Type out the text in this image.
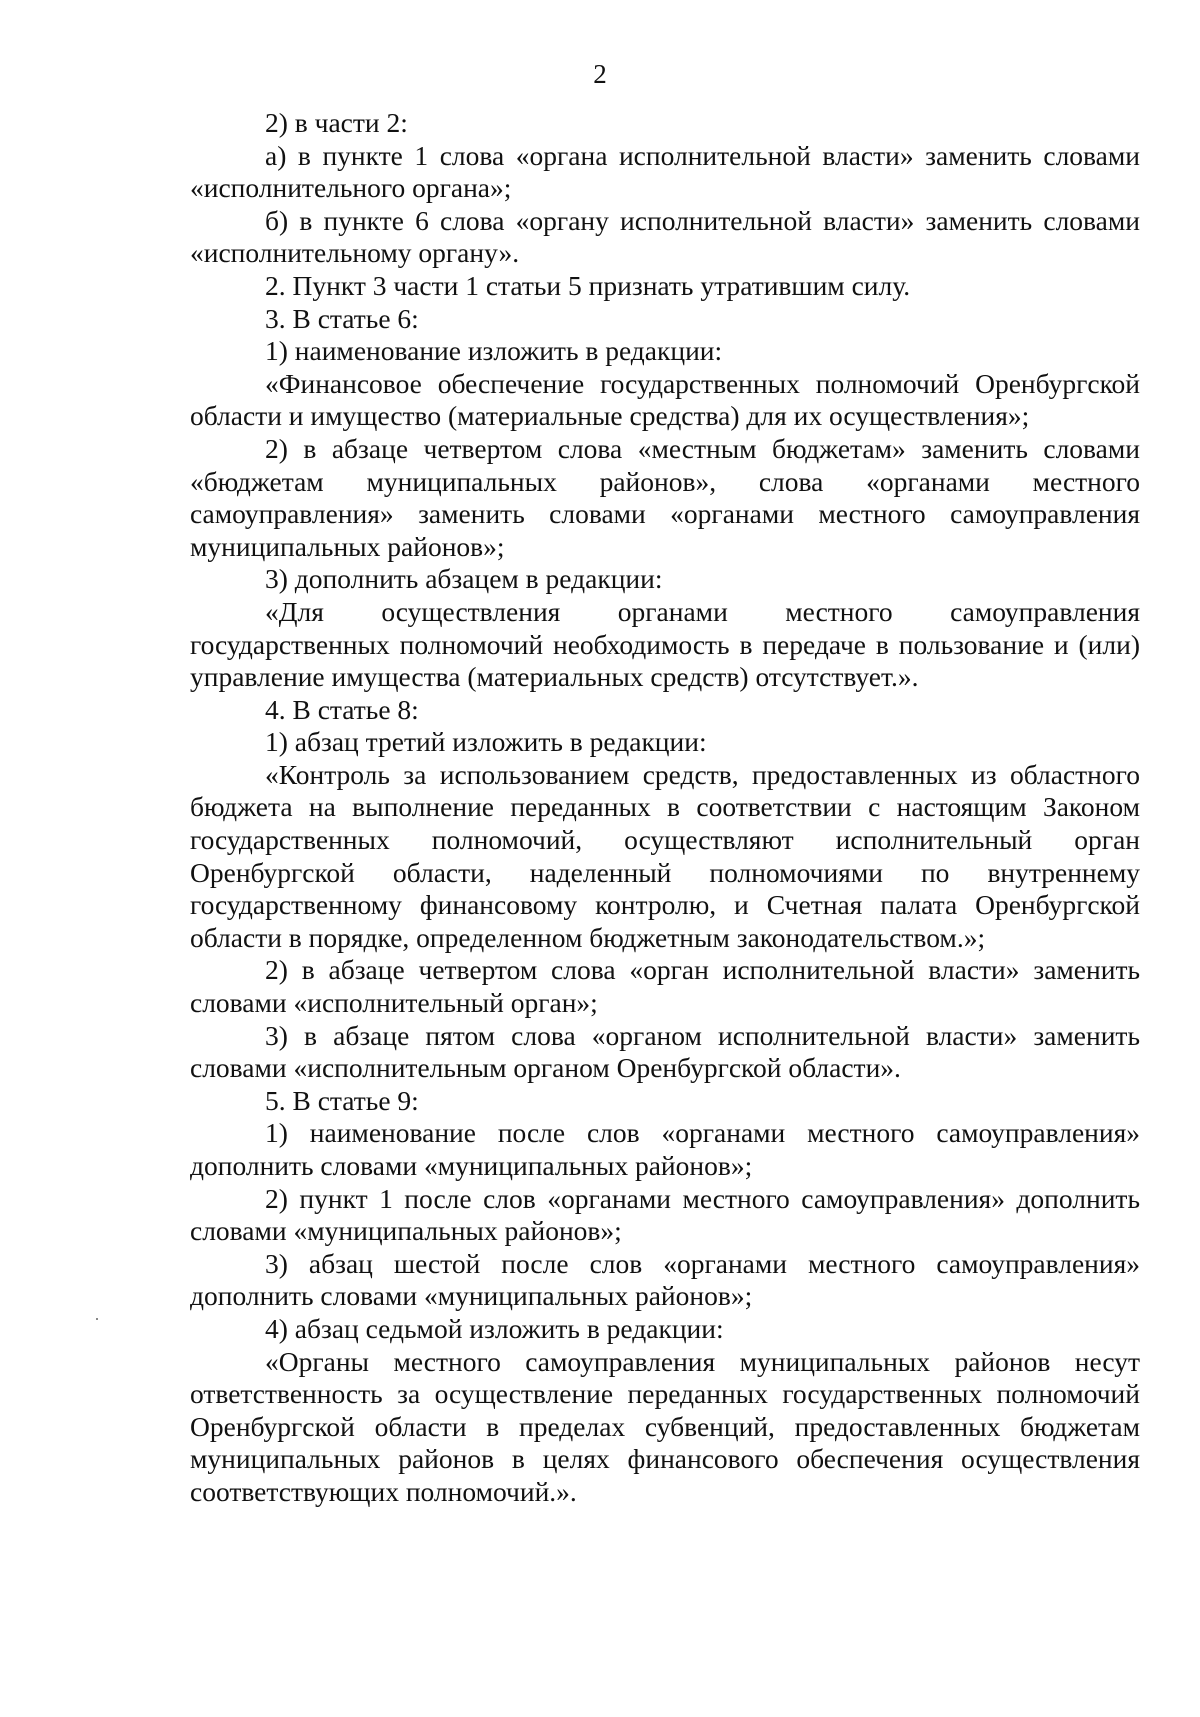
2

2) в части 2:

а) в пункте 1 слова «органа исполнительной власти» заменить словами «исполнительного органа»;

б) в пункте 6 слова «органу исполнительной власти» заменить словами «исполнительному органу».

2. Пункт 3 части 1 статьи 5 признать утратившим силу.

3. В статье 6:

1) наименование изложить в редакции:

«Финансовое обеспечение государственных полномочий Оренбургской области и имущество (материальные средства) для их осуществления»;

2) в абзаце четвертом слова «местным бюджетам» заменить словами «бюджетам муниципальных районов», слова «органами местного самоуправления» заменить словами «органами местного самоуправления муниципальных районов»;

3) дополнить абзацем в редакции:

«Для осуществления органами местного самоуправления государственных полномочий необходимость в передаче в пользование и (или) управление имущества (материальных средств) отсутствует.».

4. В статье 8:

1) абзац третий изложить в редакции:

«Контроль за использованием средств, предоставленных из областного бюджета на выполнение переданных в соответствии с настоящим Законом государственных полномочий, осуществляют исполнительный орган Оренбургской области, наделенный полномочиями по внутреннему государственному финансовому контролю, и Счетная палата Оренбургской области в порядке, определенном бюджетным законодательством.»;

2) в абзаце четвертом слова «орган исполнительной власти» заменить словами «исполнительный орган»;

3) в абзаце пятом слова «органом исполнительной власти» заменить словами «исполнительным органом Оренбургской области».

5. В статье 9:

1) наименование после слов «органами местного самоуправления» дополнить словами «муниципальных районов»;

2) пункт 1 после слов «органами местного самоуправления» дополнить словами «муниципальных районов»;

3) абзац шестой после слов «органами местного самоуправления» дополнить словами «муниципальных районов»;

4) абзац седьмой изложить в редакции:

«Органы местного самоуправления муниципальных районов несут ответственность за осуществление переданных государственных полномочий Оренбургской области в пределах субвенций, предоставленных бюджетам муниципальных районов в целях финансового обеспечения осуществления соответствующих полномочий.».
